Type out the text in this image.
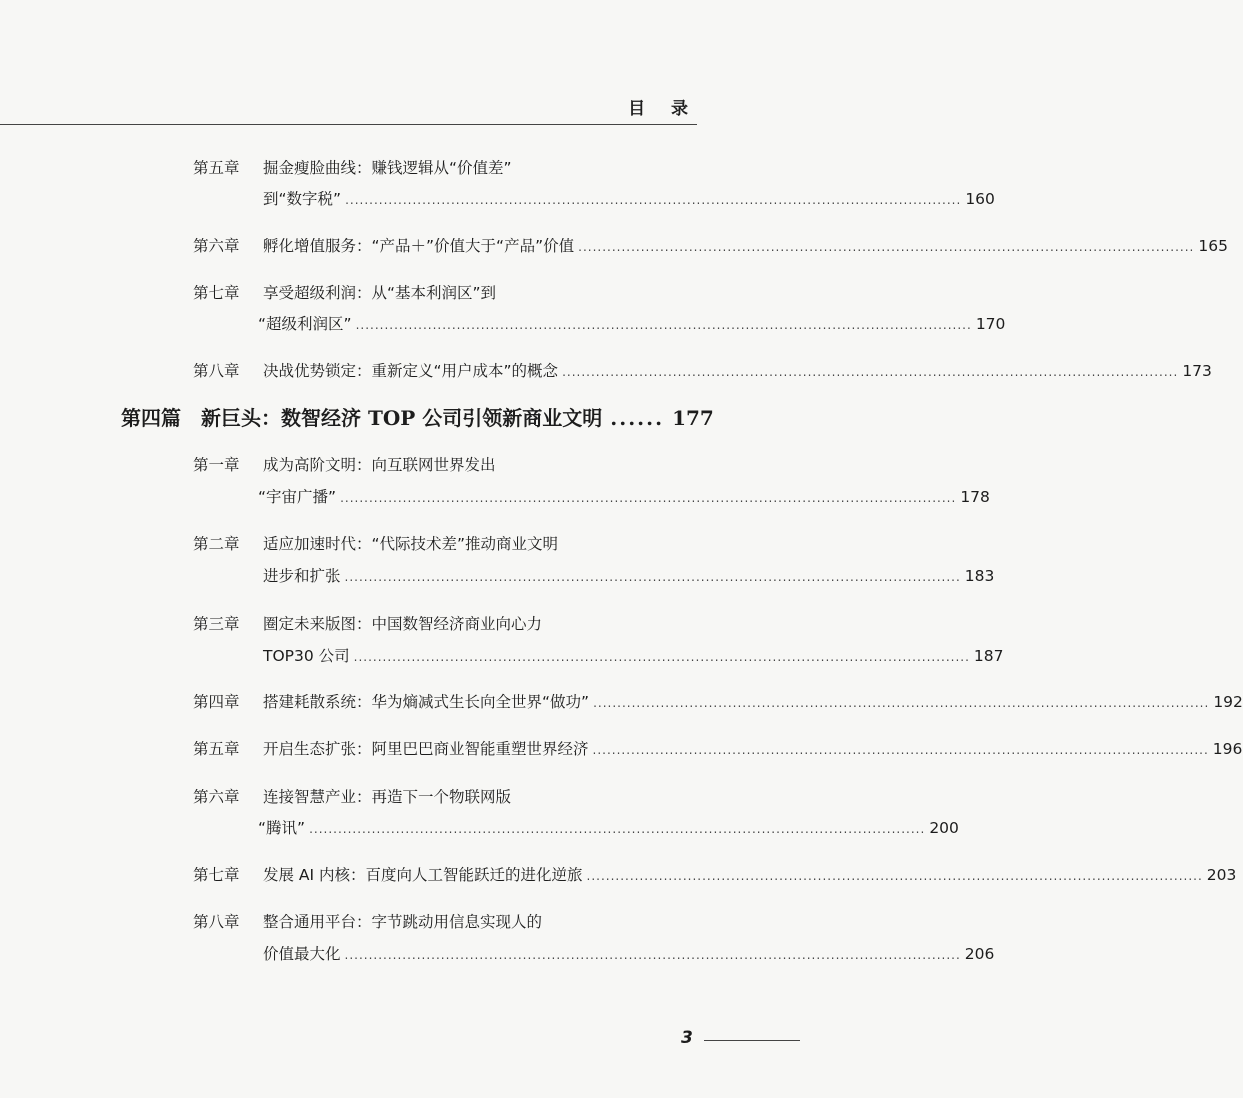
目 录
第五章 掘金瘦脸曲线：赚钱逻辑从“价值差”
到“数字税” ................................................................................................................................ 160
第六章 孵化增值服务：“产品＋”价值大于“产品”价值 ................................................................................................................................ 165
第七章 享受超级利润：从“基本利润区”到
“超级利润区” ................................................................................................................................ 170
第八章 决战优势锁定：重新定义“用户成本”的概念 ................................................................................................................................ 173
第四篇 新巨头：数智经济 TOP 公司引领新商业文明 ...... 177
第一章 成为高阶文明：向互联网世界发出
“宇宙广播” ................................................................................................................................ 178
第二章 适应加速时代：“代际技术差”推动商业文明
进步和扩张 ................................................................................................................................ 183
第三章 圈定未来版图：中国数智经济商业向心力
TOP30 公司 ................................................................................................................................ 187
第四章 搭建耗散系统：华为熵减式生长向全世界“做功” ................................................................................................................................ 192
第五章 开启生态扩张：阿里巴巴商业智能重塑世界经济 ................................................................................................................................ 196
第六章 连接智慧产业：再造下一个物联网版
“腾讯” ................................................................................................................................ 200
第七章 发展 AI 内核：百度向人工智能跃迁的进化逆旅 ................................................................................................................................ 203
第八章 整合通用平台：字节跳动用信息实现人的
价值最大化 ................................................................................................................................ 206
3
